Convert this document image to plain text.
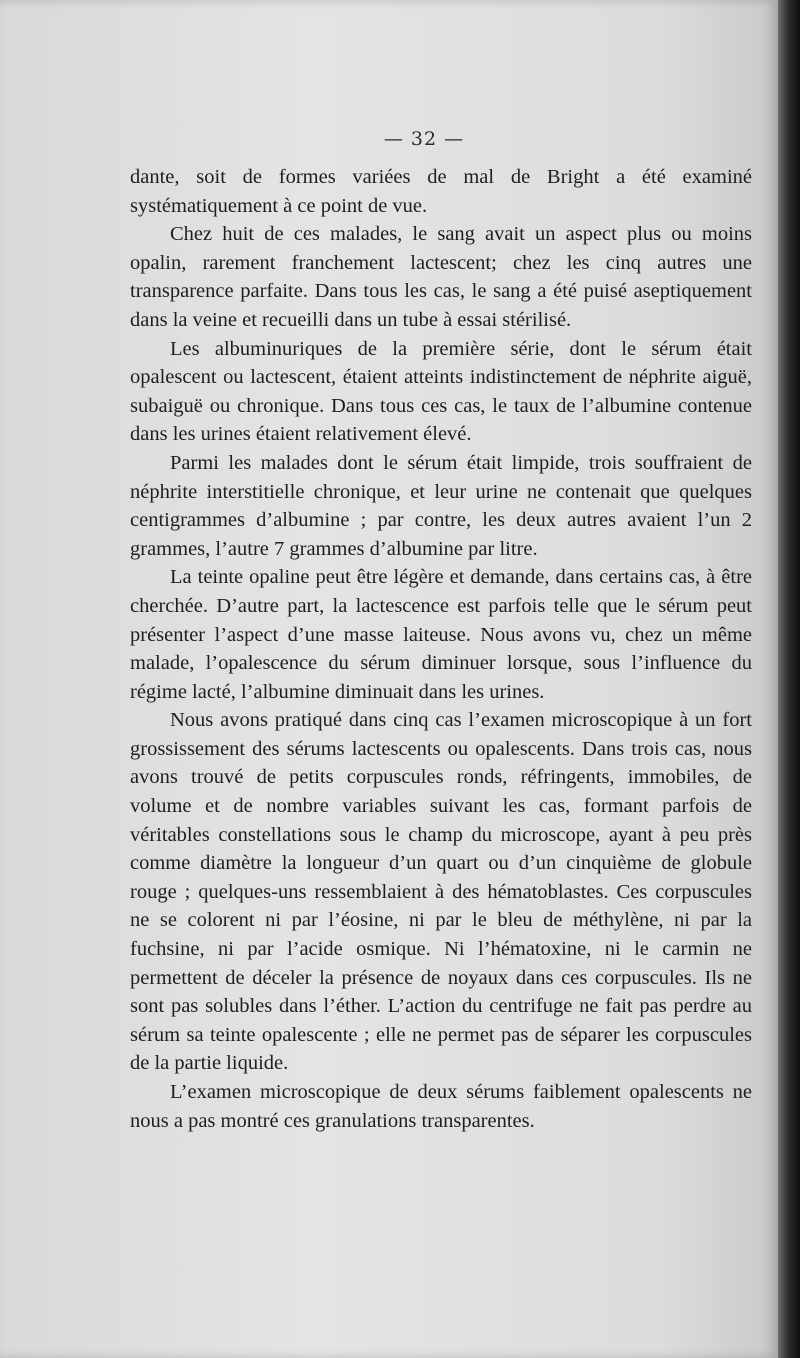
— 32 —

dante, soit de formes variées de mal de Bright a été examiné systématiquement à ce point de vue.

Chez huit de ces malades, le sang avait un aspect plus ou moins opalin, rarement franchement lactescent; chez les cinq autres une transparence parfaite. Dans tous les cas, le sang a été puisé aseptiquement dans la veine et recueilli dans un tube à essai stérilisé.

Les albuminuriques de la première série, dont le sérum était opalescent ou lactescent, étaient atteints indistinctement de néphrite aiguë, subaiguë ou chronique. Dans tous ces cas, le taux de l’albumine contenue dans les urines étaient relativement élevé.

Parmi les malades dont le sérum était limpide, trois souffraient de néphrite interstitielle chronique, et leur urine ne contenait que quelques centigrammes d’albumine ; par contre, les deux autres avaient l’un 2 grammes, l’autre 7 grammes d’albumine par litre.

La teinte opaline peut être légère et demande, dans certains cas, à être cherchée. D’autre part, la lactescence est parfois telle que le sérum peut présenter l’aspect d’une masse laiteuse. Nous avons vu, chez un même malade, l’opalescence du sérum diminuer lorsque, sous l’influence du régime lacté, l’albumine diminuait dans les urines.

Nous avons pratiqué dans cinq cas l’examen microscopique à un fort grossissement des sérums lactescents ou opalescents. Dans trois cas, nous avons trouvé de petits corpuscules ronds, réfringents, immobiles, de volume et de nombre variables suivant les cas, formant parfois de véritables constellations sous le champ du microscope, ayant à peu près comme diamètre la longueur d’un quart ou d’un cinquième de globule rouge ; quelques-uns ressemblaient à des hématoblastes. Ces corpuscules ne se colorent ni par l’éosine, ni par le bleu de méthylène, ni par la fuchsine, ni par l’acide osmique. Ni l’hématoxine, ni le carmin ne permettent de déceler la présence de noyaux dans ces corpuscules. Ils ne sont pas solubles dans l’éther. L’action du centrifuge ne fait pas perdre au sérum sa teinte opalescente ; elle ne permet pas de séparer les corpuscules de la partie liquide.

L’examen microscopique de deux sérums faiblement opalescents ne nous a pas montré ces granulations transparentes.
